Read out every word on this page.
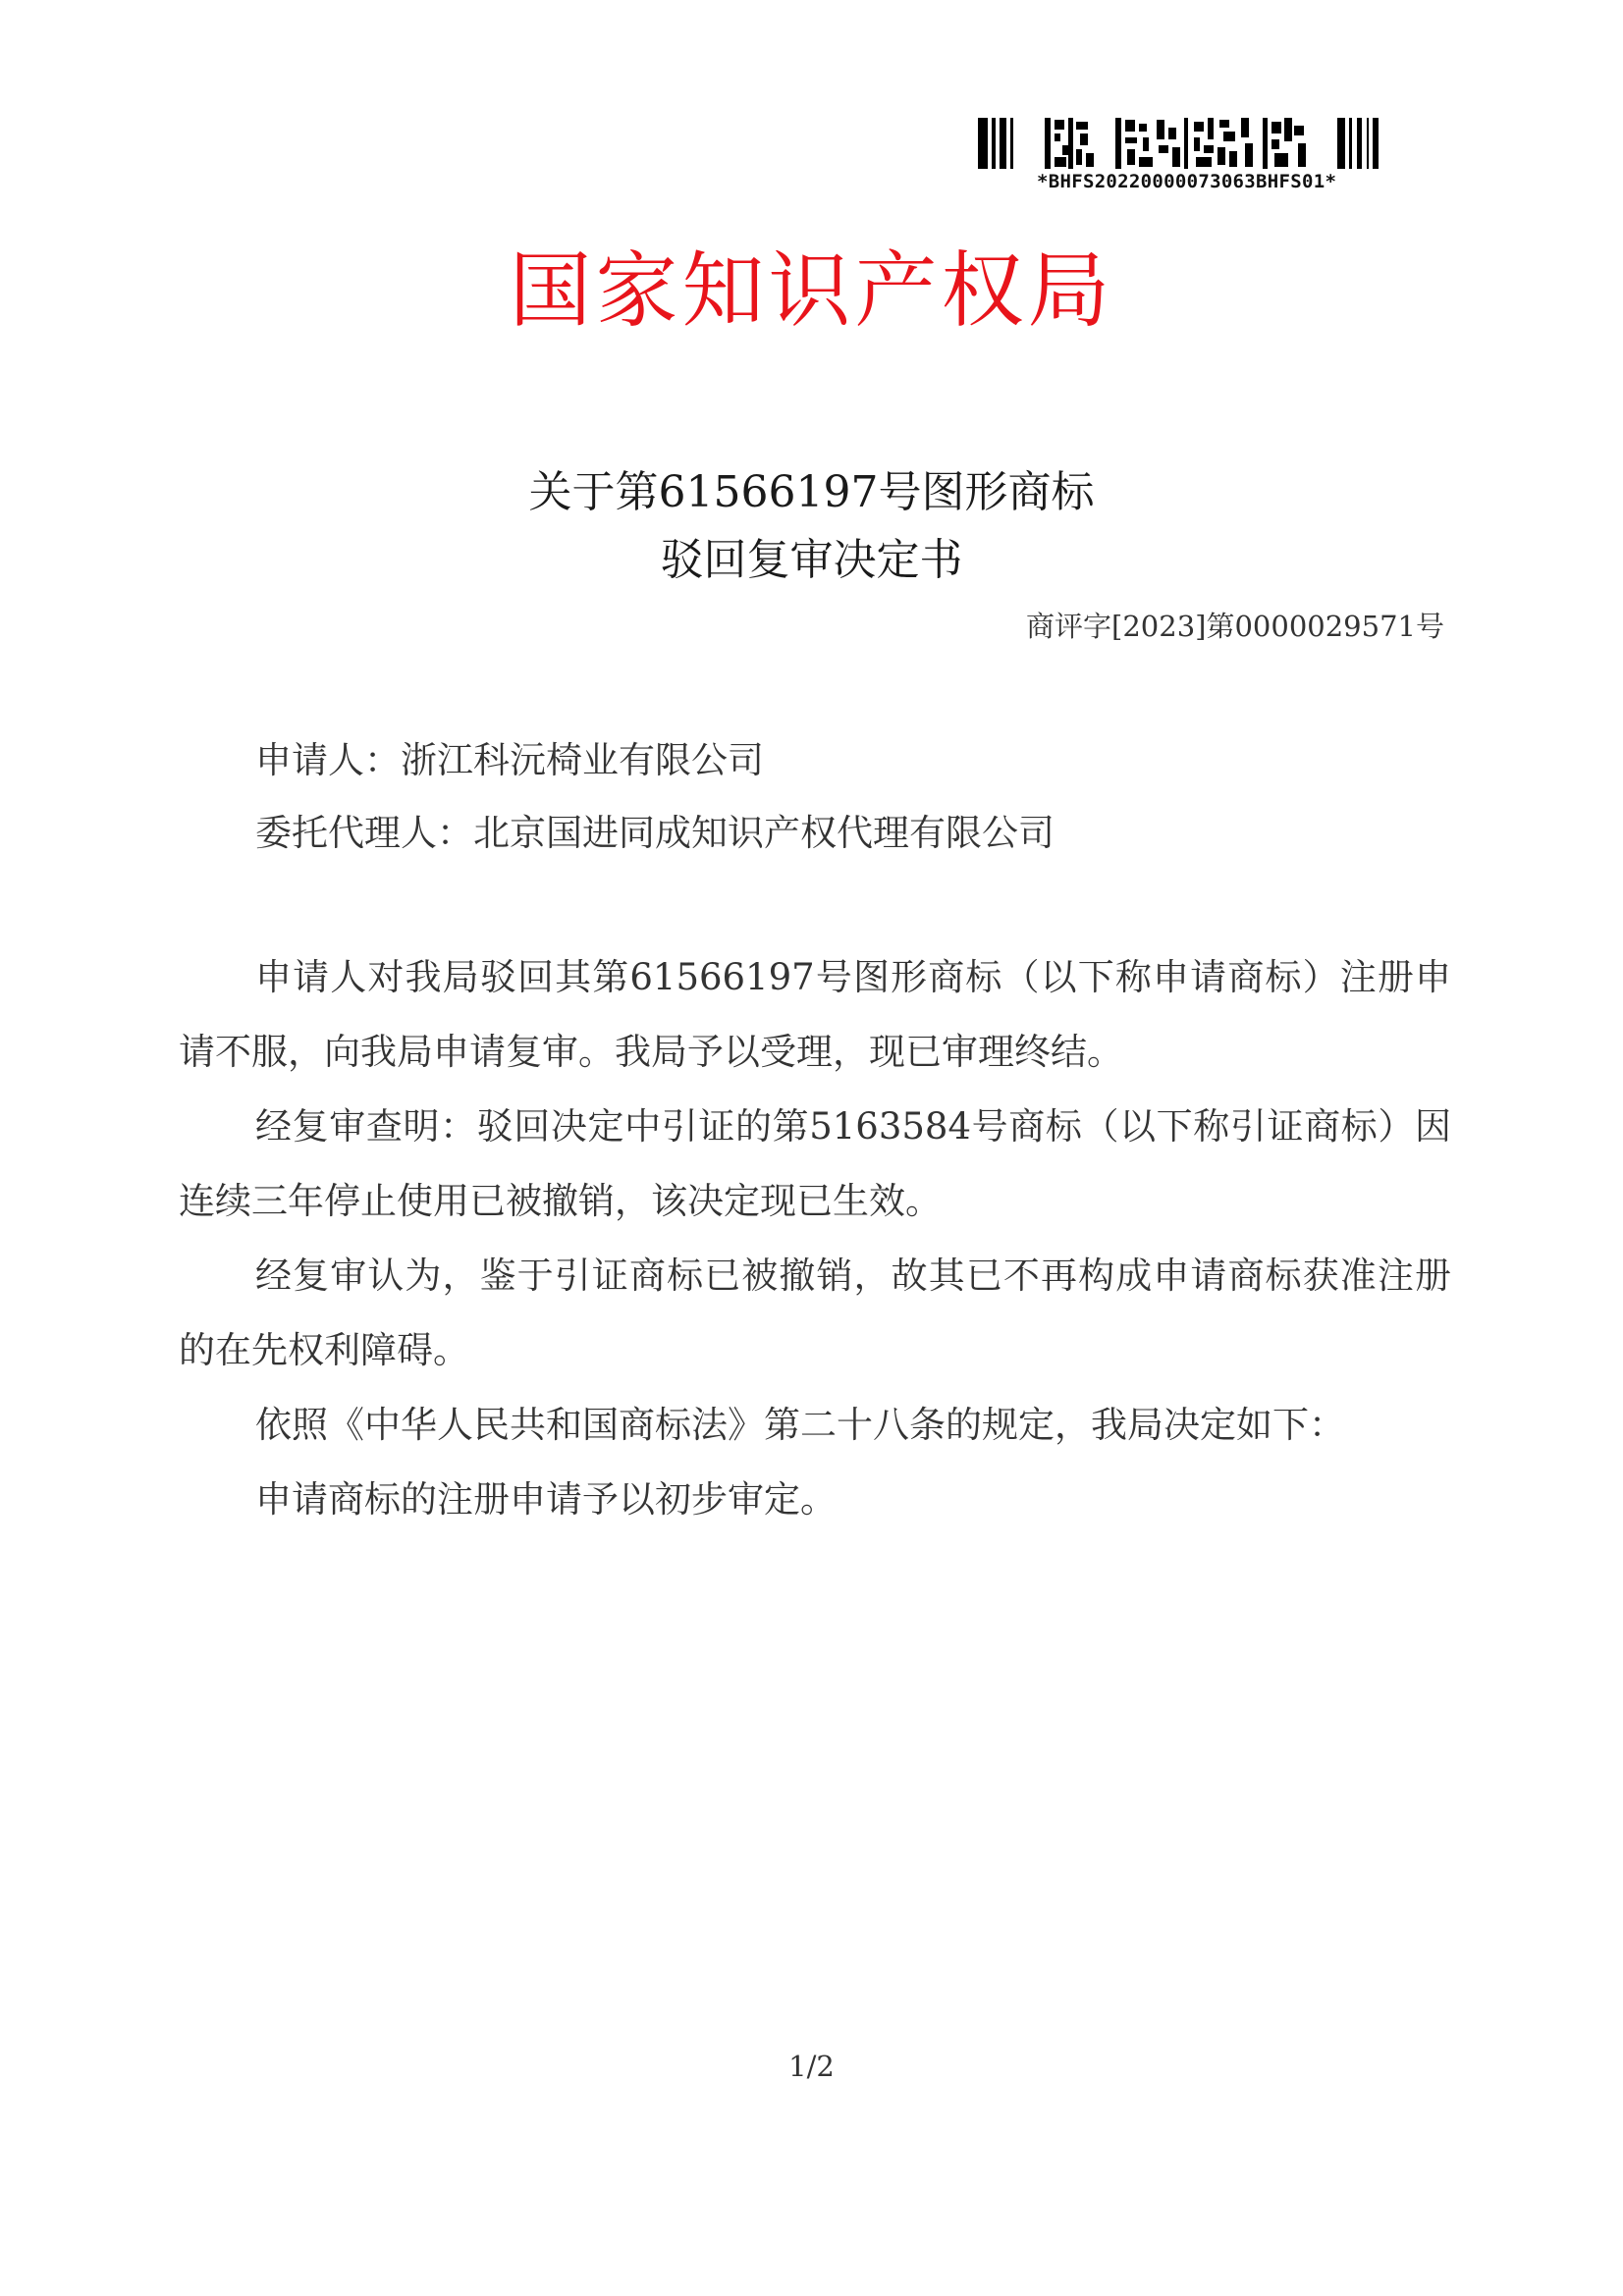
*BHFS20220000073063BHFS01*
国家知识产权局
关于第61566197号图形商标
驳回复审决定书
商评字[2023]第0000029571号
申请人：浙江科沅椅业有限公司
委托代理人：北京国进同成知识产权代理有限公司

申请人对我局驳回其第61566197号图形商标（以下称申请商标）注册申请不服，向我局申请复审。我局予以受理，现已审理终结。

经复审查明：驳回决定中引证的第5163584号商标（以下称引证商标）因连续三年停止使用已被撤销，该决定现已生效。

经复审认为，鉴于引证商标已被撤销，故其已不再构成申请商标获准注册的在先权利障碍。

依照《中华人民共和国商标法》第二十八条的规定，我局决定如下：

申请商标的注册申请予以初步审定。

1/2
